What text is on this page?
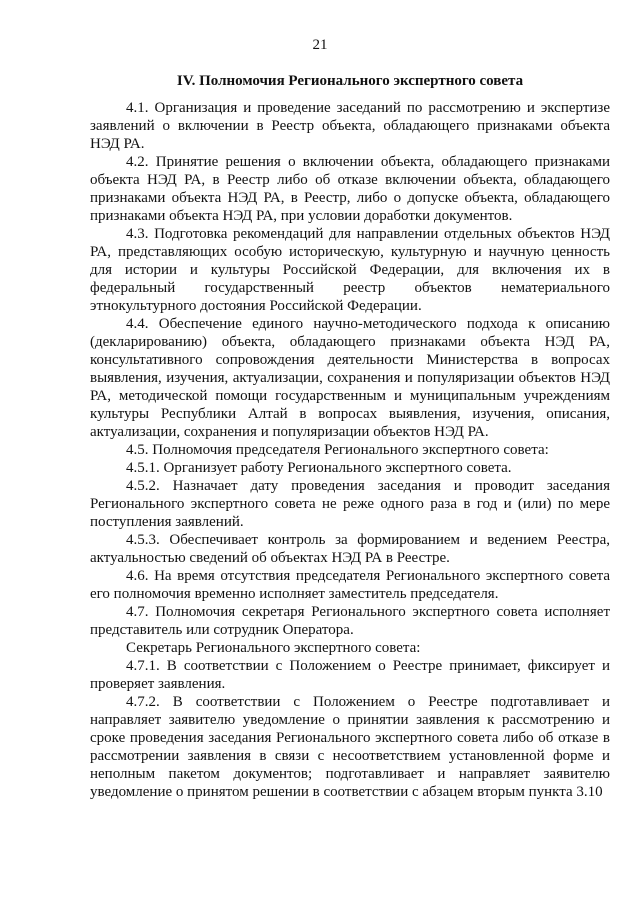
21
IV. Полномочия Регионального экспертного совета

4.1. Организация и проведение заседаний по рассмотрению и экспертизе заявлений о включении в Реестр объекта, обладающего признаками объекта НЭД РА.

4.2. Принятие решения о включении объекта, обладающего признаками объекта НЭД РА, в Реестр либо об отказе включении объекта, обладающего признаками объекта НЭД РА, в Реестр, либо о допуске объекта, обладающего признаками объекта НЭД РА, при условии доработки документов.

4.3. Подготовка рекомендаций для направлении отдельных объектов НЭД РА, представляющих особую историческую, культурную и научную ценность для истории и культуры Российской Федерации, для включения их в федеральный государственный реестр объектов нематериального этнокультурного достояния Российской Федерации.

4.4. Обеспечение единого научно-методического подхода к описанию (декларированию) объекта, обладающего признаками объекта НЭД РА, консультативного сопровождения деятельности Министерства в вопросах выявления, изучения, актуализации, сохранения и популяризации объектов НЭД РА, методической помощи государственным и муниципальным учреждениям культуры Республики Алтай в вопросах выявления, изучения, описания, актуализации, сохранения и популяризации объектов НЭД РА.

4.5. Полномочия председателя Регионального экспертного совета:

4.5.1. Организует работу Регионального экспертного совета.

4.5.2. Назначает дату проведения заседания и проводит заседания Регионального экспертного совета не реже одного раза в год и (или) по мере поступления заявлений.

4.5.3. Обеспечивает контроль за формированием и ведением Реестра, актуальностью сведений об объектах НЭД РА в Реестре.

4.6. На время отсутствия председателя Регионального экспертного совета его полномочия временно исполняет заместитель председателя.

4.7. Полномочия секретаря Регионального экспертного совета исполняет представитель или сотрудник Оператора.

Секретарь Регионального экспертного совета:

4.7.1. В соответствии с Положением о Реестре принимает, фиксирует и проверяет заявления.

4.7.2. В соответствии с Положением о Реестре подготавливает и направляет заявителю уведомление о принятии заявления к рассмотрению и сроке проведения заседания Регионального экспертного совета либо об отказе в рассмотрении заявления в связи с несоответствием установленной форме и неполным пакетом документов; подготавливает и направляет заявителю уведомление о принятом решении в соответствии с абзацем вторым пункта 3.10
